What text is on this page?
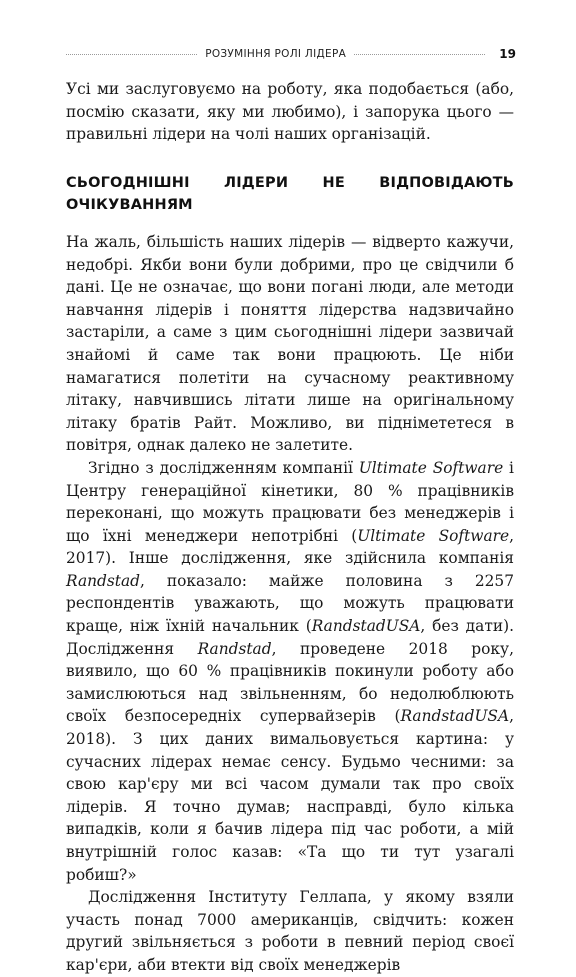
РОЗУМІННЯ РОЛІ ЛІДЕРА	19

Усі ми заслуговуємо на роботу, яка подобається (або, посмію сказати, яку ми любимо), і запорука цього — правильні лідери на чолі наших організацій.

СЬОГОДНІШНІ ЛІДЕРИ НЕ ВІДПОВІДАЮТЬ ОЧІКУВАННЯМ

На жаль, більшість наших лідерів — відверто кажучи, недобрі. Якби вони були добрими, про це свідчили б дані. Це не означає, що вони погані люди, але методи навчання лідерів і поняття лідерства надзвичайно застаріли, а саме з цим сьогоднішні лідери зазвичай знайомі й саме так вони працюють. Це ніби намагатися полетіти на сучасному реактивному літаку, навчившись літати лише на оригінальному літаку братів Райт. Можливо, ви піднімететеся в повітря, однак далеко не залетите.

Згідно з дослідженням компанії Ultimate Software і Центру генераційної кінетики, 80 % працівників переконані, що можуть працювати без менеджерів і що їхні менеджери непотрібні (Ultimate Software, 2017). Інше дослідження, яке здійснила компанія Randstad, показало: майже половина з 2257 респондентів уважають, що можуть працювати краще, ніж їхній начальник (RandstadUSA, без дати). Дослідження Randstad, проведене 2018 року, виявило, що 60 % працівників покинули роботу або замислюються над звільненням, бо недолюблюють своїх безпосередніх супервайзерів (RandstadUSA, 2018). З цих даних вимальовується картина: у сучасних лідерах немає сенсу. Будьмо чесними: за свою кар'єру ми всі часом думали так про своїх лідерів. Я точно думав; насправді, було кілька випадків, коли я бачив лідера під час роботи, а мій внутрішній голос казав: «Та що ти тут узагалі робиш?»

Дослідження Інституту Геллапа, у якому взяли участь понад 7000 американців, свідчить: кожен другий звільняється з роботи в певний період своєї кар'єри, аби втекти від своїх менеджерів
